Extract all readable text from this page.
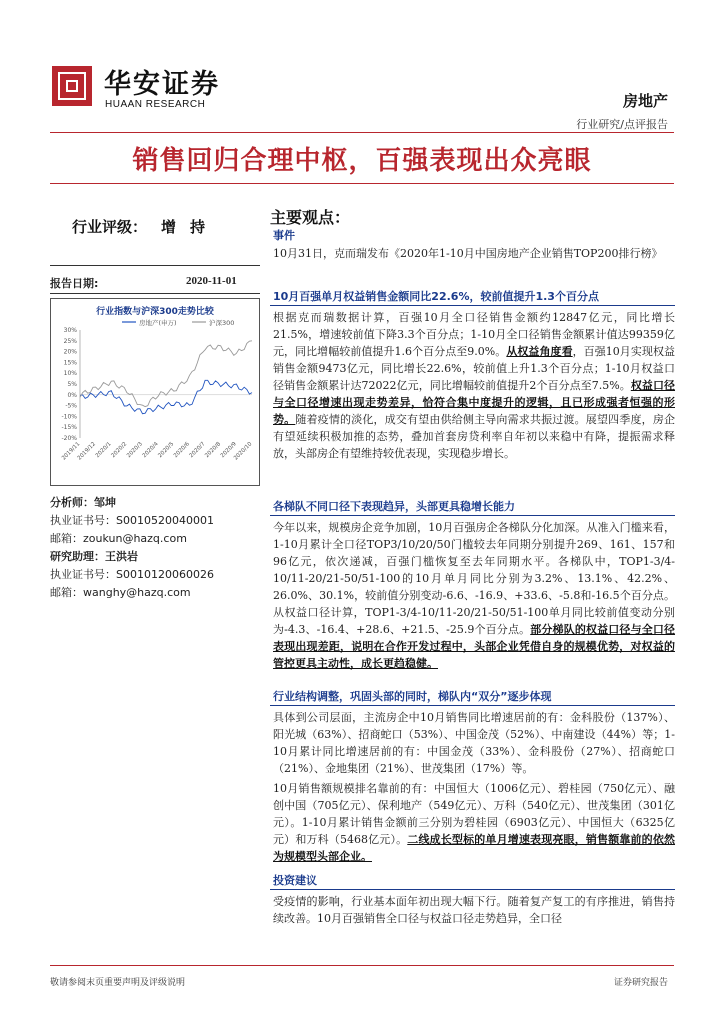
华安证券
HUAAN RESEARCH	房地产
行业研究/点评报告
销售回归合理中枢，百强表现出众亮眼
行业评级： 增持
报告日期:	2020-11-01
行业指数与沪深300走势比较
房地产(申万)	沪深300
30%
25%
20%
15%
10%
5%
0%
-5%
-10%
-15%
-20%
2019/11
2019/12
2020/1
2020/2
2020/3
2020/4
2020/5
2020/6
2020/7
2020/8
2020/9
2020/10
分析师：邹坤
执业证书号：S0010520040001
邮箱：zoukun@hazq.com
研究助理：王洪岩
执业证书号：S0010120060026
邮箱：wanghy@hazq.com
主要观点：
事件
10月31日，克而瑞发布《2020年1-10月中国房地产企业销售TOP200排行榜》
10月百强单月权益销售金额同比22.6%，较前值提升1.3个百分点
根据克而瑞数据计算，百强10月全口径销售金额约12847亿元，同比增长21.5%，增速较前值下降3.3个百分点；1-10月全口径销售金额累计值达99359亿元，同比增幅较前值提升1.6个百分点至9.0%。从权益角度看，百强10月实现权益销售金额9473亿元，同比增长22.6%，较前值上升1.3个百分点；1-10月权益口径销售金额累计达72022亿元，同比增幅较前值提升2个百分点至7.5%。权益口径与全口径增速出现走势差异，恰符合集中度提升的逻辑，且已形成强者恒强的形势。随着疫情的淡化，成交有望由供给侧主导向需求共振过渡。展望四季度，房企有望延续积极加推的态势，叠加首套房贷利率自年初以来稳中有降，提振需求释放，头部房企有望维持较优表现，实现稳步增长。
各梯队不同口径下表现趋异，头部更具稳增长能力
今年以来，规模房企竞争加剧，10月百强房企各梯队分化加深。从准入门槛来看，1-10月累计全口径TOP3/10/20/50门槛较去年同期分别提升269、161、157和96亿元，依次递减，百强门槛恢复至去年同期水平。各梯队中，TOP1-3/4-10/11-20/21-50/51-100的10月单月同比分别为3.2%、13.1%、42.2%、26.0%、30.1%，较前值分别变动-6.6、-16.9、+33.6、-5.8和-16.5个百分点。从权益口径计算，TOP1-3/4-10/11-20/21-50/51-100单月同比较前值变动分别为-4.3、-16.4、+28.6、+21.5、-25.9个百分点。部分梯队的权益口径与全口径表现出现差距，说明在合作开发过程中，头部企业凭借自身的规模优势，对权益的管控更具主动性，成长更趋稳健。
行业结构调整，巩固头部的同时，梯队内“双分”逐步体现
具体到公司层面，主流房企中10月销售同比增速居前的有：金科股份（137%）、阳光城（63%）、招商蛇口（53%）、中国金茂（52%）、中南建设（44%）等；1-10月累计同比增速居前的有：中国金茂（33%）、金科股份（27%）、招商蛇口（21%）、金地集团（21%）、世茂集团（17%）等。
10月销售额规模排名靠前的有：中国恒大（1006亿元）、碧桂园（750亿元）、融创中国（705亿元）、保利地产（549亿元）、万科（540亿元）、世茂集团（301亿元）。1-10月累计销售金额前三分别为碧桂园（6903亿元）、中国恒大（6325亿元）和万科（5468亿元）。二线成长型标的单月增速表现亮眼，销售额靠前的依然为规模型头部企业。
投资建议
受疫情的影响，行业基本面年初出现大幅下行。随着复产复工的有序推进，销售持续改善。10月百强销售全口径与权益口径走势趋异，全口径
敬请参阅末页重要声明及评级说明	证券研究报告
